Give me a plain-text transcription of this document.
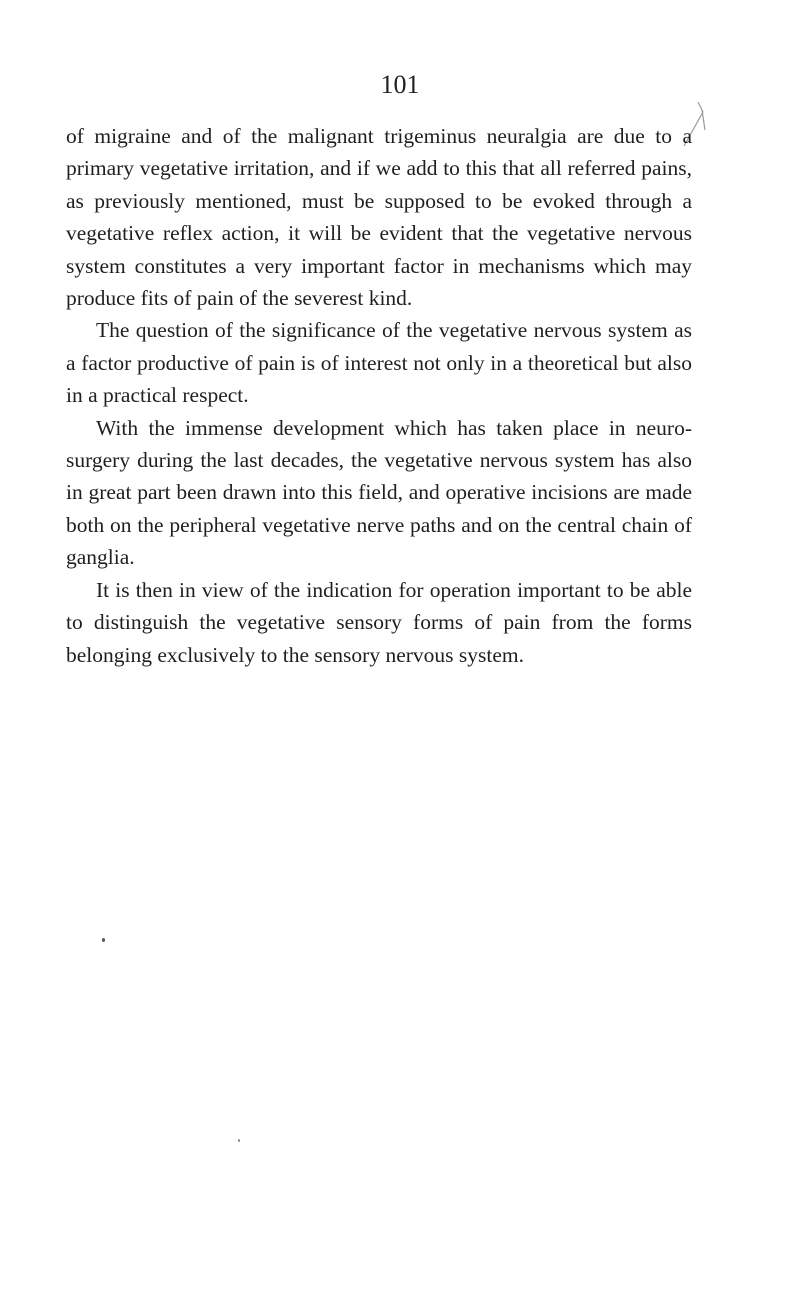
101

of migraine and of the malignant trigeminus neuralgia are due to a primary vegetative irritation, and if we add to this that all referred pains, as previously mentioned, must be supposed to be evoked through a vegetative reflex action, it will be evident that the vegetative nervous system constitutes a very important factor in mechanisms which may produce fits of pain of the severest kind.

The question of the significance of the vegetative nervous system as a factor productive of pain is of interest not only in a theoretical but also in a practical respect.

With the immense development which has taken place in neuro-surgery during the last decades, the vegetative nervous system has also in great part been drawn into this field, and operative incisions are made both on the peripheral vegetative nerve paths and on the central chain of ganglia.

It is then in view of the indication for operation important to be able to distinguish the vegetative sensory forms of pain from the forms belonging exclusively to the sensory nervous system.
